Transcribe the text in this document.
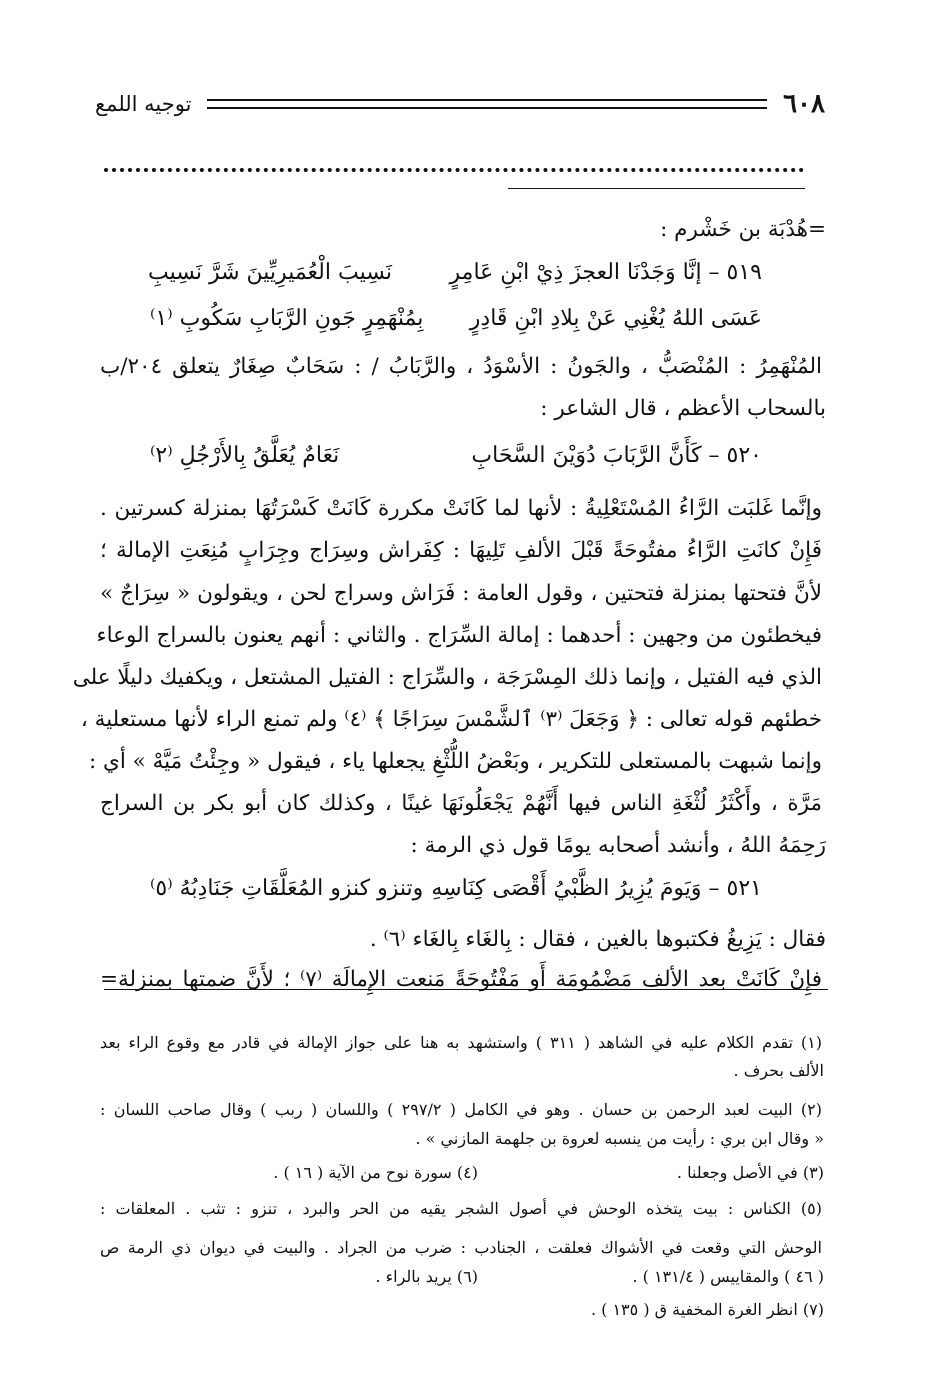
٦٠٨
توجيه اللمع
=هُدْبَة بن خَشْرم :
٥١٩ – إنَّا وَجَدْنَا العجزَ ذِيْ ابْنِ عَامِرٍ
نَسِيبَ الْعُمَيرِيِّينَ شَرَّ نَسِيبِ
عَسَى اللهُ يُغْنِي عَنْ بِلادِ ابْنِ قَادِرٍ
بِمُنْهَمِرٍ جَونِ الرَّبَابِ سَكُوبِ ⁽١⁾
المُنْهَمِرُ : المُنْصَبُّ ، والجَونُ : الأسْوَدُ ، والرَّبَابُ / : سَحَابٌ صِغَارٌ يتعلق ٢٠٤/ب
بالسحاب الأعظم ، قال الشاعر :
٥٢٠ – كَأَنَّ الرَّبَابَ دُوَيْنَ السَّحَابِ
نَعَامٌ يُعَلَّقُ بِالأَرْجُلِ ⁽٢⁾
وإنَّما غَلبَت الرَّاءُ المُسْتَعْلِيةُ : لأنها لما كَانَتْ مكررة كَانَتْ كَسْرَتُهَا بمنزلة كسرتين .
فَإِنْ كانَتِ الرَّاءُ مفتُوحَةً قَبْلَ الألفِ تَلِيهَا : كِفَراش وسِرَاج وجِرَابٍ مُنِعَتِ الإمالة ؛
لأنَّ فتحتها بمنزلة فتحتين ، وقول العامة : فَرَاش وسراج لحن ، ويقولون « سِرَاجٌ »
فيخطئون من وجهين : أحدهما : إمالة السِّرَاج . والثاني : أنهم يعنون بالسراج الوعاء
الذي فيه الفتيل ، وإنما ذلك المِسْرَجَة ، والسِّرَاج : الفتيل المشتعل ، ويكفيك دليلًا على
خطئهم قوله تعالى : ﴿ وَجَعَلَ ⁽٣⁾ ٱلشَّمْسَ سِرَاجًا ﴾ ⁽٤⁾ ولم تمنع الراء لأنها مستعلية ،
وإنما شبهت بالمستعلى للتكرير ، وبَعْضُ اللُّثْغِ يجعلها ياء ، فيقول « وجِئْتُ مَيَّهْ » أي :
مَرَّة ، وأَكْثَرُ لُثْغَةِ الناس فيها أَنَّهُمْ يَجْعَلُونَهَا غينًا ، وكذلك كان أبو بكر بن السراج
رَحِمَهُ اللهُ ، وأنشد أصحابه يومًا قول ذي الرمة :
٥٢١ – وَيَومَ يُزِيرُ الظَّبْيُ أَقْصَى كِنَاسِهِ
وتنزو كنزو المُعَلَّقَاتِ جَنَادِبُهُ ⁽٥⁾
فقال : يَزِيغُ فكتبوها بالغين ، فقال : بِالغَاء بِالغَاء ⁽٦⁾ .
فإِنْ كَانَتْ بعد الألف مَضْمُومَة أَو مَفْتُوحَةً مَنعت الإِمالَة ⁽٧⁾ ؛ لأَنَّ ضمتها بمنزلة=
(١) تقدم الكلام عليه في الشاهد ( ٣١١ ) واستشهد به هنا على جواز الإمالة في قادر مع وقوع الراء بعد
الألف بحرف .
(٢) البيت لعبد الرحمن بن حسان . وهو في الكامل ( ٢٩٧/٢ ) واللسان ( ربب ) وقال صاحب اللسان :
« وقال ابن بري : رأيت من ينسبه لعروة بن جلهمة المازني » .
(٣) في الأصل وجعلنا .
(٤) سورة نوح من الآية ( ١٦ ) .
(٥) الكناس : بيت يتخذه الوحش في أصول الشجر يقيه من الحر والبرد ، تنزو : تثب . المعلقات :
الوحش التي وقعت في الأشواك فعلقت ، الجنادب : ضرب من الجراد . والبيت في ديوان ذي الرمة ص
( ٤٦ ) والمقاييس ( ١٣١/٤ ) .
(٦) يريد بالراء .
(٧) انظر الغرة المخفية ق ( ١٣٥ ) .
